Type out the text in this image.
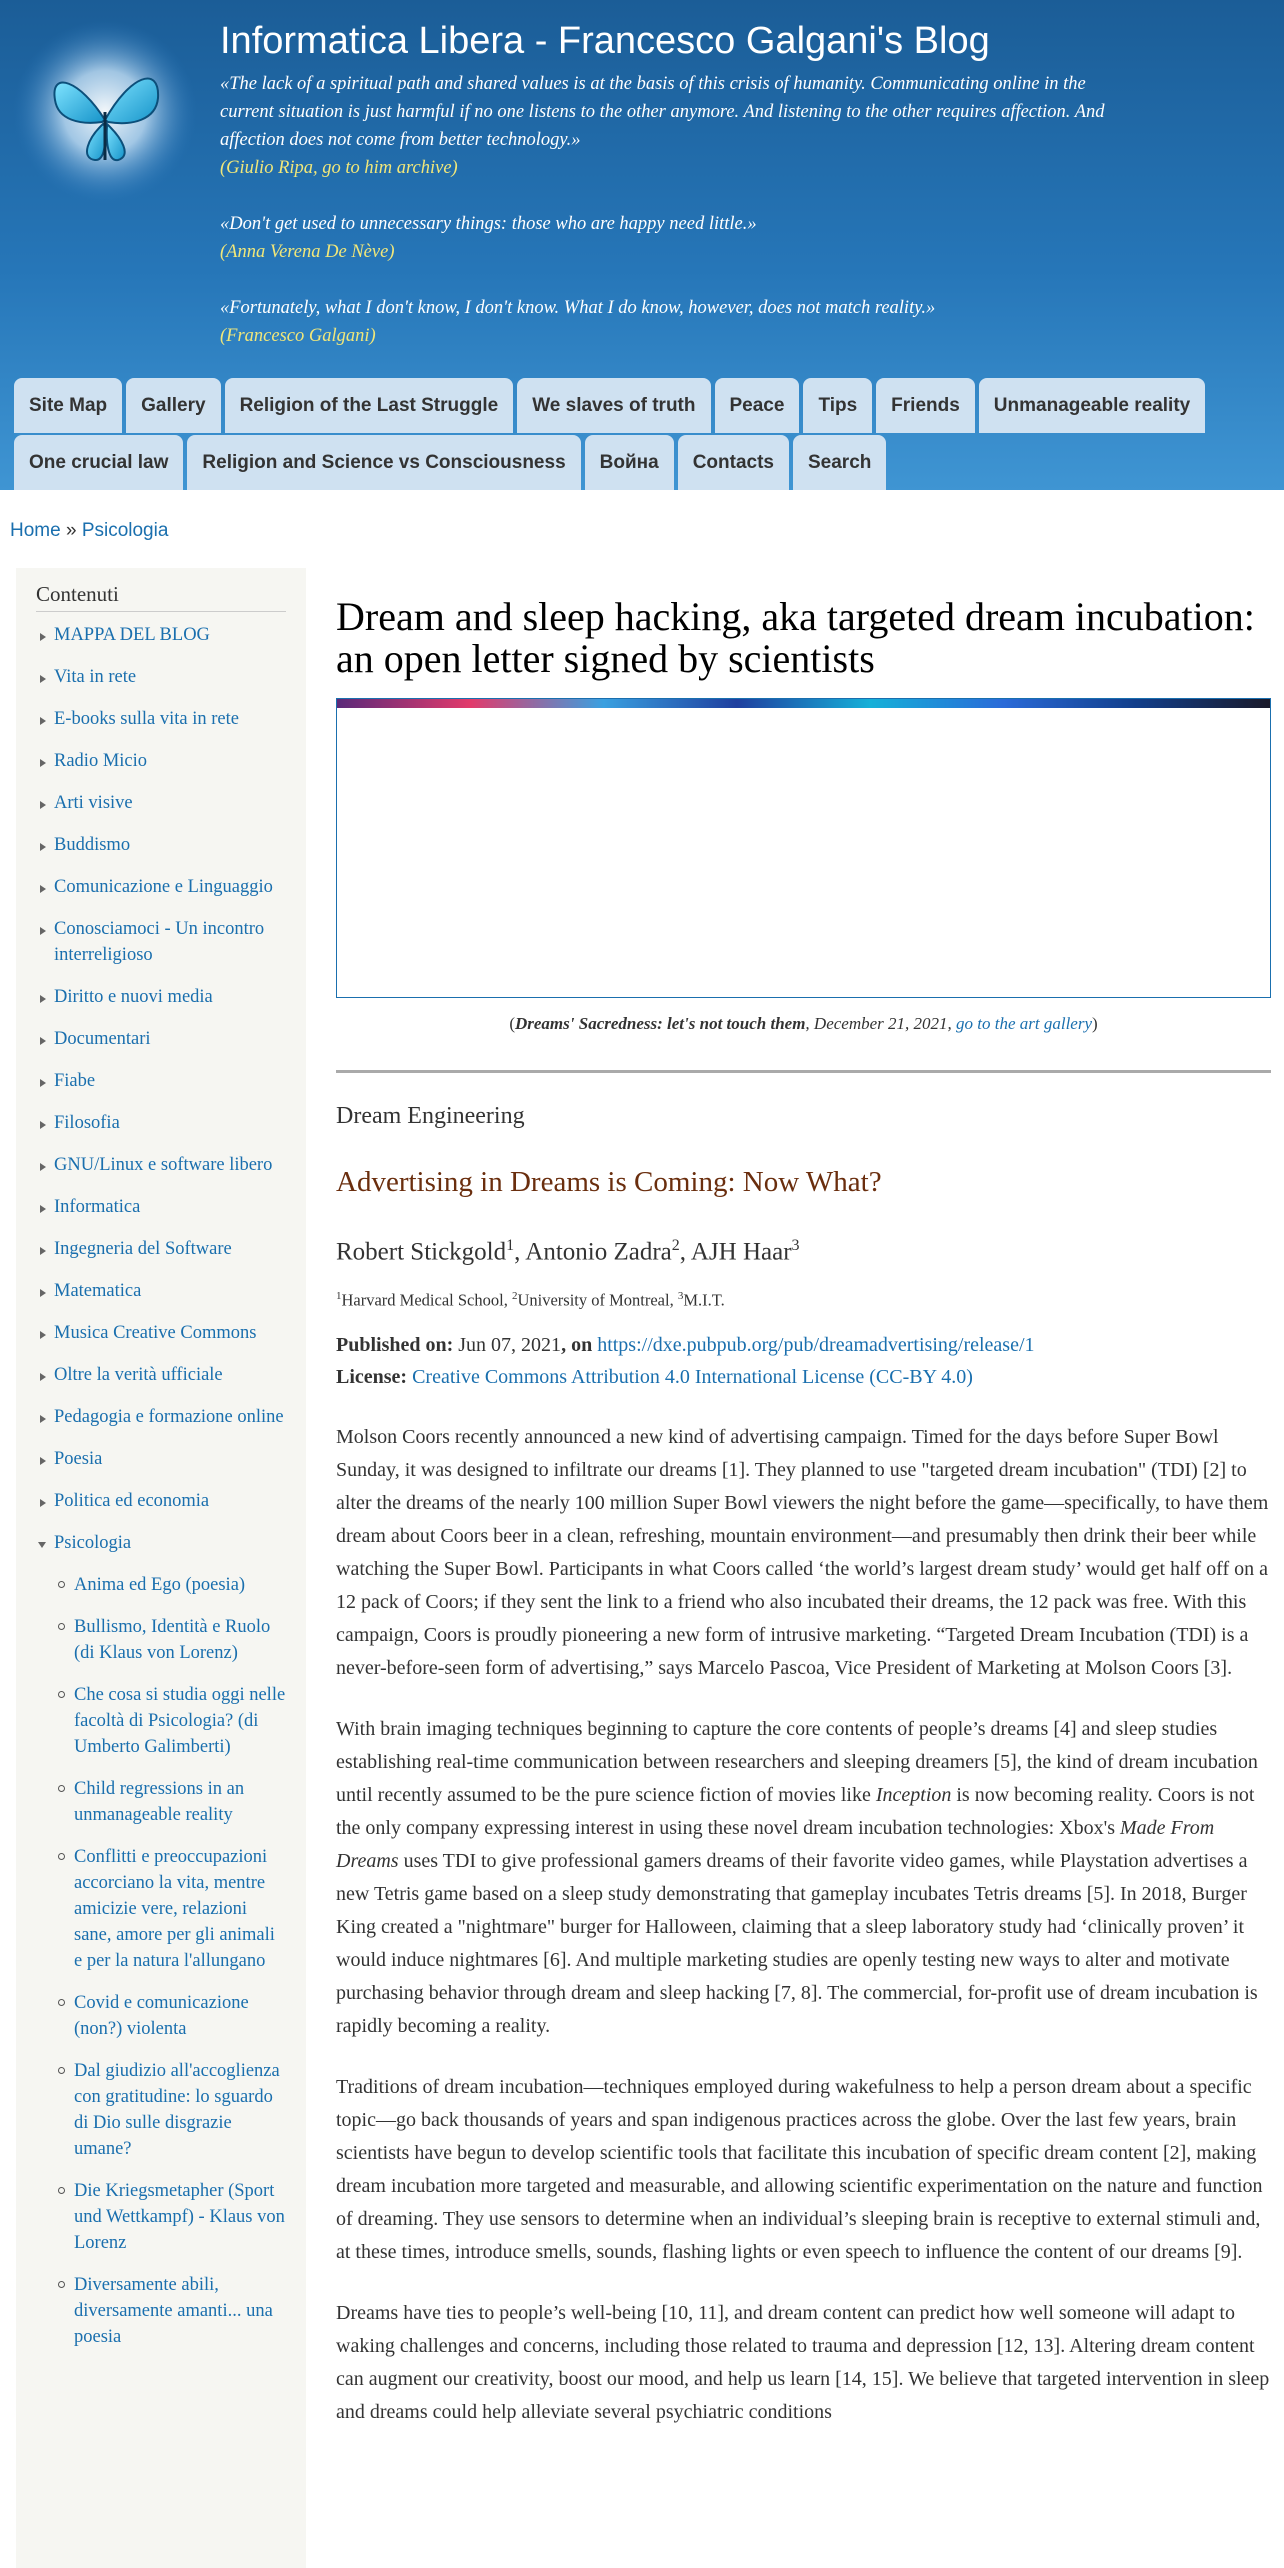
Informatica Libera - Francesco Galgani's Blog
«The lack of a spiritual path and shared values is at the basis of this crisis of humanity. Communicating online in the current situation is just harmful if no one listens to the other anymore. And listening to the other requires affection. And affection does not come from better technology.»
(Giulio Ripa, go to him archive)
«Don't get used to unnecessary things: those who are happy need little.»
(Anna Verena De Nève)
«Fortunately, what I don't know, I don't know. What I do know, however, does not match reality.»
(Francesco Galgani)
Site Map	Gallery	Religion of the Last Struggle	We slaves of truth	Peace	Tips	Friends	Unmanageable reality
One crucial law	Religion and Science vs Consciousness	Война	Contacts	Search
Home » Psicologia
Contenuti
MAPPA DEL BLOG
Vita in rete
E-books sulla vita in rete
Radio Micio
Arti visive
Buddismo
Comunicazione e Linguaggio
Conosciamoci - Un incontro interreligioso
Diritto e nuovi media
Documentari
Fiabe
Filosofia
GNU/Linux e software libero
Informatica
Ingegneria del Software
Matematica
Musica Creative Commons
Oltre la verità ufficiale
Pedagogia e formazione online
Poesia
Politica ed economia
Psicologia
Anima ed Ego (poesia)
Bullismo, Identità e Ruolo (di Klaus von Lorenz)
Che cosa si studia oggi nelle facoltà di Psicologia? (di Umberto Galimberti)
Child regressions in an unmanageable reality
Conflitti e preoccupazioni accorciano la vita, mentre amicizie vere, relazioni sane, amore per gli animali e per la natura l'allungano
Covid e comunicazione (non?) violenta
Dal giudizio all'accoglienza con gratitudine: lo sguardo di Dio sulle disgrazie umane?
Die Kriegsmetapher (Sport und Wettkampf) - Klaus von Lorenz
Diversamente abili, diversamente amanti... una poesia
Dream and sleep hacking, aka targeted dream incubation: an open letter signed by scientists
(Dreams' Sacredness: let's not touch them, December 21, 2021, go to the art gallery)
Dream Engineering
Advertising in Dreams is Coming: Now What?
Robert Stickgold$^1$, Antonio Zadra$^2$, AJH Haar$^3$
$^1$Harvard Medical School, $^2$University of Montreal, $^3$M.I.T.
Published on: Jun 07, 2021, on https://dxe.pubpub.org/pub/dreamadvertising/release/1
License: Creative Commons Attribution 4.0 International License (CC-BY 4.0)

Molson Coors recently announced a new kind of advertising campaign. Timed for the days before Super Bowl Sunday, it was designed to infiltrate our dreams [1]. They planned to use "targeted dream incubation" (TDI) [2] to alter the dreams of the nearly 100 million Super Bowl viewers the night before the game—specifically, to have them dream about Coors beer in a clean, refreshing, mountain environment—and presumably then drink their beer while watching the Super Bowl. Participants in what Coors called ‘the world’s largest dream study’ would get half off on a 12 pack of Coors; if they sent the link to a friend who also incubated their dreams, the 12 pack was free. With this campaign, Coors is proudly pioneering a new form of intrusive marketing. “Targeted Dream Incubation (TDI) is a never-before-seen form of advertising,” says Marcelo Pascoa, Vice President of Marketing at Molson Coors [3].

With brain imaging techniques beginning to capture the core contents of people’s dreams [4] and sleep studies establishing real-time communication between researchers and sleeping dreamers [5], the kind of dream incubation until recently assumed to be the pure science fiction of movies like Inception is now becoming reality. Coors is not the only company expressing interest in using these novel dream incubation technologies: Xbox's Made From Dreams uses TDI to give professional gamers dreams of their favorite video games, while Playstation advertises a new Tetris game based on a sleep study demonstrating that gameplay incubates Tetris dreams [5]. In 2018, Burger King created a "nightmare" burger for Halloween, claiming that a sleep laboratory study had ‘clinically proven’ it would induce nightmares [6]. And multiple marketing studies are openly testing new ways to alter and motivate purchasing behavior through dream and sleep hacking [7, 8]. The commercial, for-profit use of dream incubation is rapidly becoming a reality.

Traditions of dream incubation—techniques employed during wakefulness to help a person dream about a specific topic—go back thousands of years and span indigenous practices across the globe. Over the last few years, brain scientists have begun to develop scientific tools that facilitate this incubation of specific dream content [2], making dream incubation more targeted and measurable, and allowing scientific experimentation on the nature and function of dreaming. They use sensors to determine when an individual’s sleeping brain is receptive to external stimuli and, at these times, introduce smells, sounds, flashing lights or even speech to influence the content of our dreams [9].

Dreams have ties to people’s well-being [10, 11], and dream content can predict how well someone will adapt to waking challenges and concerns, including those related to trauma and depression [12, 13]. Altering dream content can augment our creativity, boost our mood, and help us learn [14, 15]. We believe that targeted intervention in sleep and dreams could help alleviate several psychiatric conditions
